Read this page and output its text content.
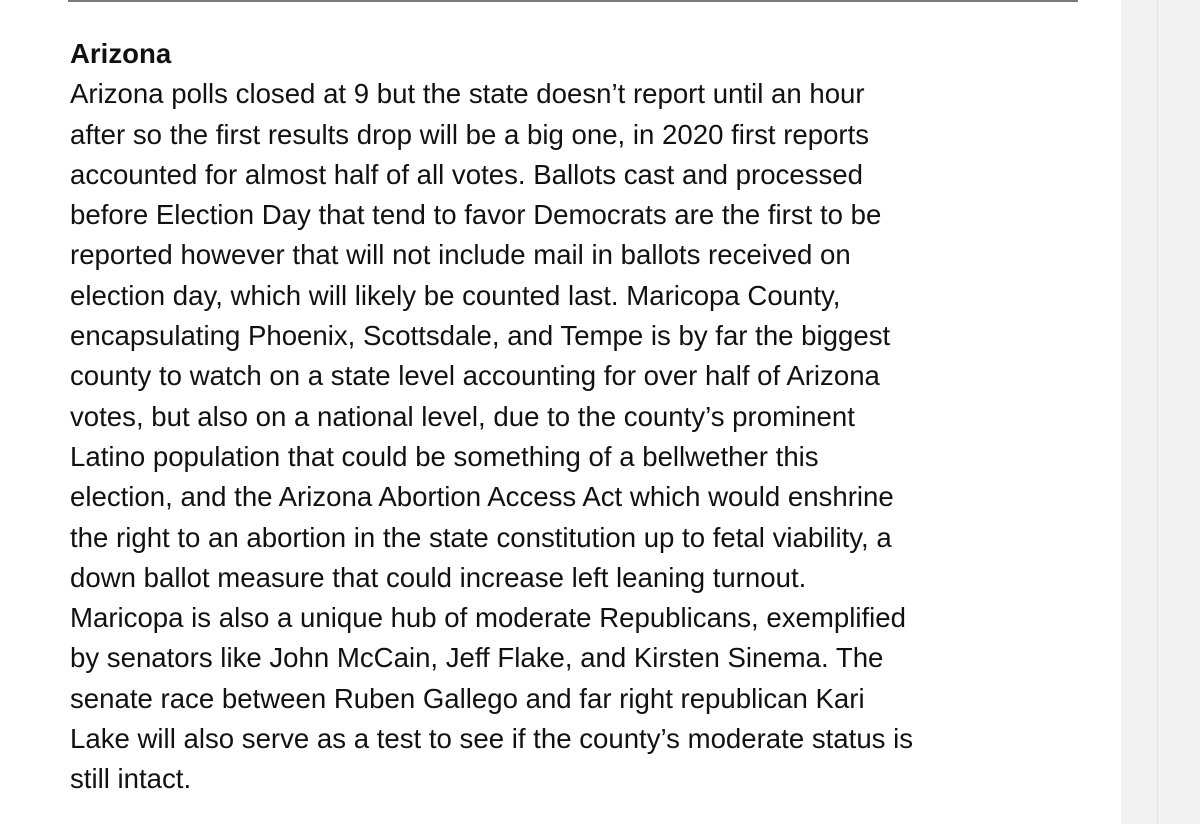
Arizona

Arizona polls closed at 9 but the state doesn’t report until an hour

after so the first results drop will be a big one, in 2020 first reports

accounted for almost half of all votes. Ballots cast and processed

before Election Day that tend to favor Democrats are the first to be

reported however that will not include mail in ballots received on

election day, which will likely be counted last. Maricopa County,

encapsulating Phoenix, Scottsdale, and Tempe is by far the biggest

county to watch on a state level accounting for over half of Arizona

votes, but also on a national level, due to the county’s prominent

Latino population that could be something of a bellwether this

election, and the Arizona Abortion Access Act which would enshrine

the right to an abortion in the state constitution up to fetal viability, a

down ballot measure that could increase left leaning turnout.

Maricopa is also a unique hub of moderate Republicans, exemplified

by senators like John McCain, Jeff Flake, and Kirsten Sinema. The

senate race between Ruben Gallego and far right republican Kari

Lake will also serve as a test to see if the county’s moderate status is

still intact.
